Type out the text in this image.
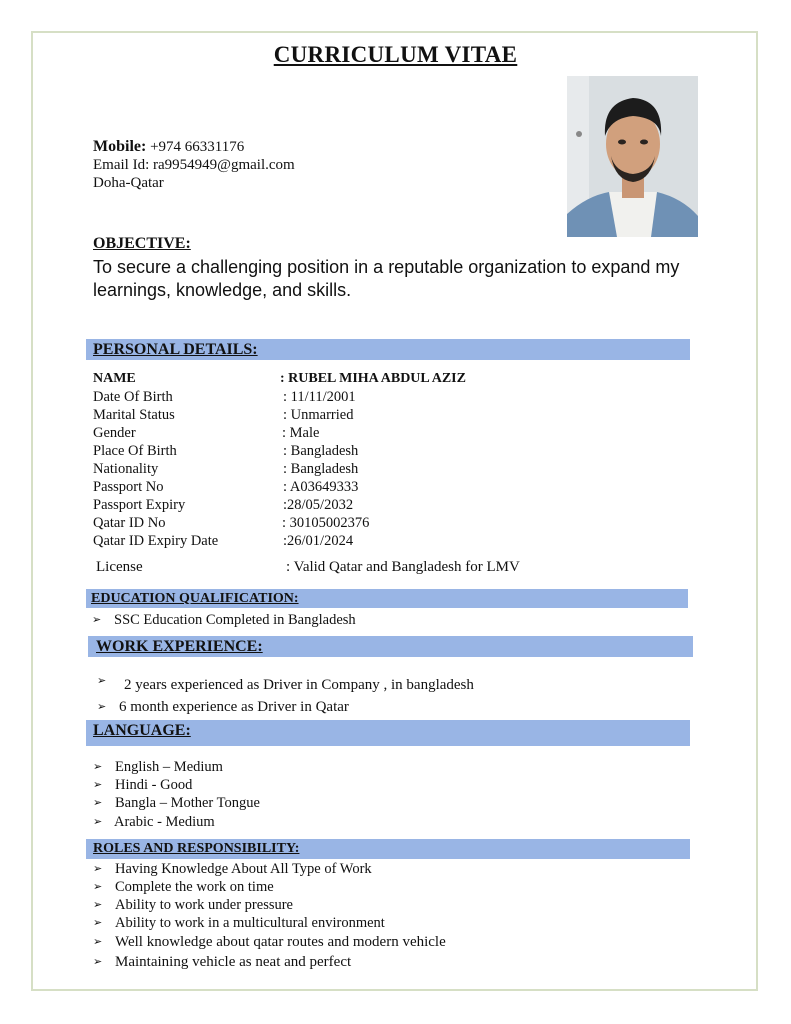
CURRICULUM VITAE
Mobile: +974 66331176
Email Id: ra9954949@gmail.com
Doha-Qatar
OBJECTIVE:
To secure a challenging position in a reputable organization to expand my learnings, knowledge, and skills.
PERSONAL DETAILS:
NAME	: RUBEL MIHA ABDUL AZIZ
Date Of Birth	: 11/11/2001
Marital Status	: Unmarried
Gender	: Male
Place Of Birth	: Bangladesh
Nationality	: Bangladesh
Passport No	: A03649333
Passport Expiry	:28/05/2032
Qatar ID No	: 30105002376
Qatar ID Expiry Date	:26/01/2024
License	: Valid Qatar and Bangladesh for LMV
EDUCATION QUALIFICATION:
➢ SSC Education Completed in Bangladesh
WORK EXPERIENCE:
➢ 2 years experienced as Driver in Company , in bangladesh
➢ 6 month experience as Driver in Qatar
LANGUAGE:
➢ English – Medium
➢ Hindi - Good
➢ Bangla – Mother Tongue
➢ Arabic - Medium
ROLES AND RESPONSIBILITY:
➢ Having Knowledge About All Type of Work
➢ Complete the work on time
➢ Ability to work under pressure
➢ Ability to work in a multicultural environment
➢ Well knowledge about qatar routes and modern vehicle
➢ Maintaining vehicle as neat and perfect
